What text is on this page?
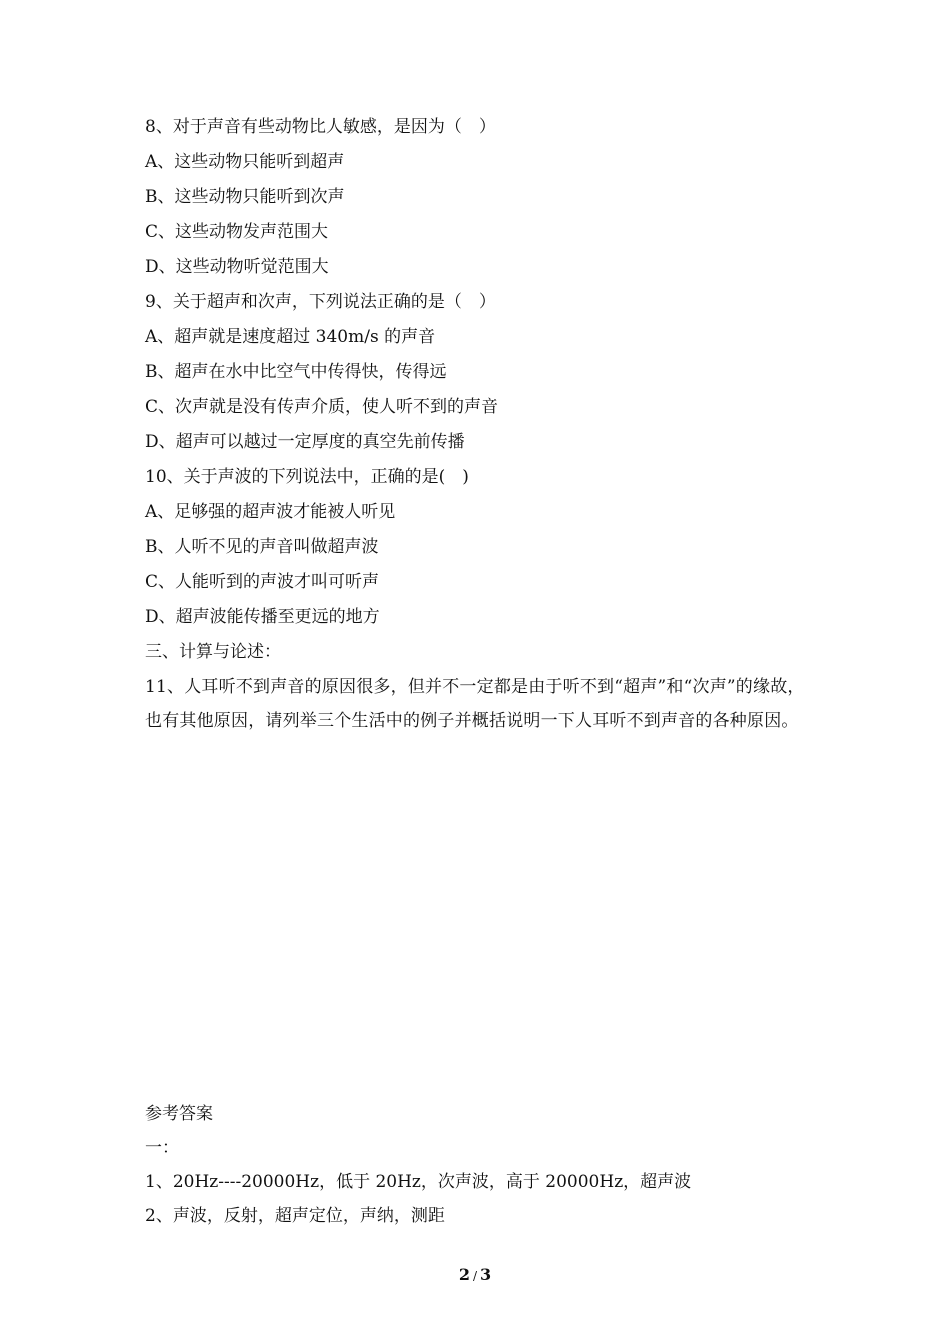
8、对于声音有些动物比人敏感，是因为（　）
A、这些动物只能听到超声
B、这些动物只能听到次声
C、这些动物发声范围大
D、这些动物听觉范围大
9、关于超声和次声，下列说法正确的是（　）
A、超声就是速度超过 340m/s 的声音
B、超声在水中比空气中传得快，传得远
C、次声就是没有传声介质，使人听不到的声音
D、超声可以越过一定厚度的真空先前传播
10、关于声波的下列说法中，正确的是(　)
A、足够强的超声波才能被人听见
B、人听不见的声音叫做超声波
C、人能听到的声波才叫可听声
D、超声波能传播至更远的地方
三、计算与论述：
11、人耳听不到声音的原因很多，但并不一定都是由于听不到“超声”和“次声”的缘故，也有其他原因，请列举三个生活中的例子并概括说明一下人耳听不到声音的各种原因。
参考答案
一：
1、20Hz----20000Hz，低于 20Hz，次声波，高于 20000Hz，超声波
2、声波，反射，超声定位，声纳，测距
2 / 3
